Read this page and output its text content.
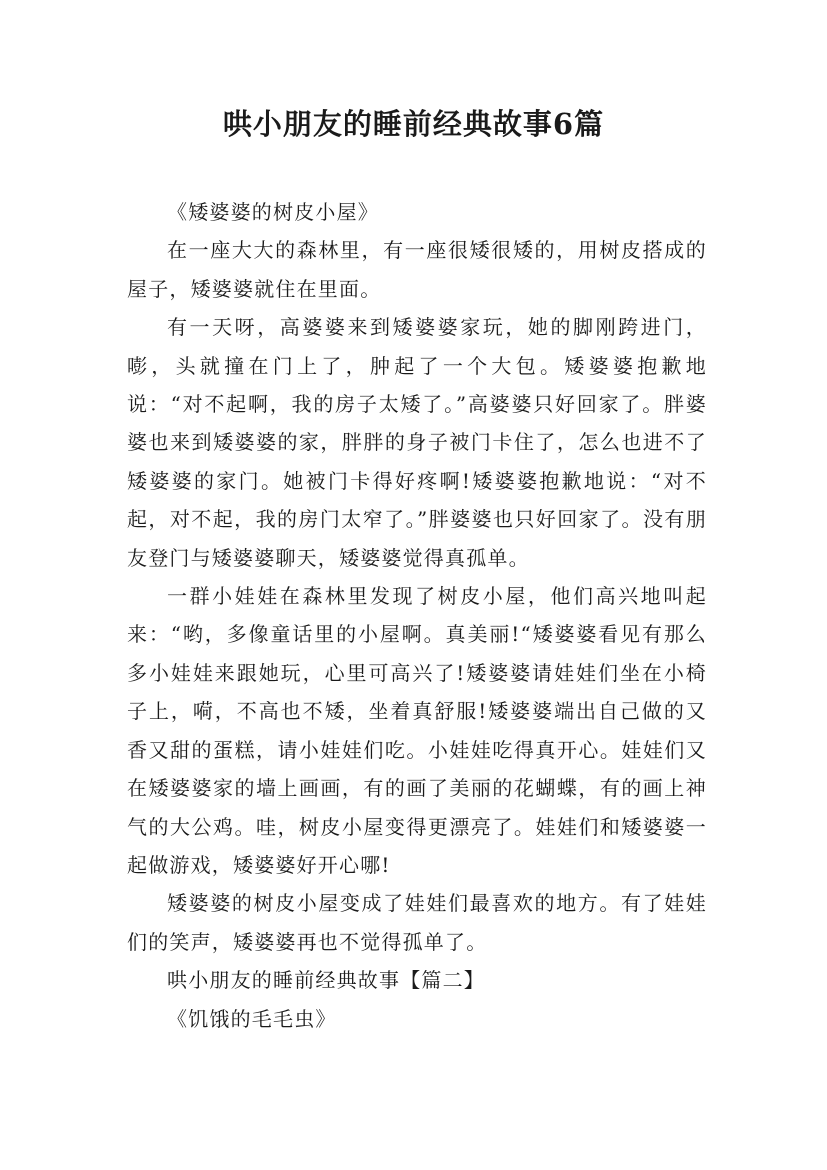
哄小朋友的睡前经典故事6篇

《矮婆婆的树皮小屋》

在一座大大的森林里，有一座很矮很矮的，用树皮搭成的屋子，矮婆婆就住在里面。

有一天呀，高婆婆来到矮婆婆家玩，她的脚刚跨进门，嘭，头就撞在门上了，肿起了一个大包。矮婆婆抱歉地说：“对不起啊，我的房子太矮了。”高婆婆只好回家了。胖婆婆也来到矮婆婆的家，胖胖的身子被门卡住了，怎么也进不了矮婆婆的家门。她被门卡得好疼啊!矮婆婆抱歉地说：“对不起，对不起，我的房门太窄了。”胖婆婆也只好回家了。没有朋友登门与矮婆婆聊天，矮婆婆觉得真孤单。

一群小娃娃在森林里发现了树皮小屋，他们高兴地叫起来：“哟，多像童话里的小屋啊。真美丽!“矮婆婆看见有那么多小娃娃来跟她玩，心里可高兴了!矮婆婆请娃娃们坐在小椅子上，嗬，不高也不矮，坐着真舒服!矮婆婆端出自己做的又香又甜的蛋糕，请小娃娃们吃。小娃娃吃得真开心。娃娃们又在矮婆婆家的墙上画画，有的画了美丽的花蝴蝶，有的画上神气的大公鸡。哇，树皮小屋变得更漂亮了。娃娃们和矮婆婆一起做游戏，矮婆婆好开心哪!

矮婆婆的树皮小屋变成了娃娃们最喜欢的地方。有了娃娃们的笑声，矮婆婆再也不觉得孤单了。

哄小朋友的睡前经典故事【篇二】

《饥饿的毛毛虫》
